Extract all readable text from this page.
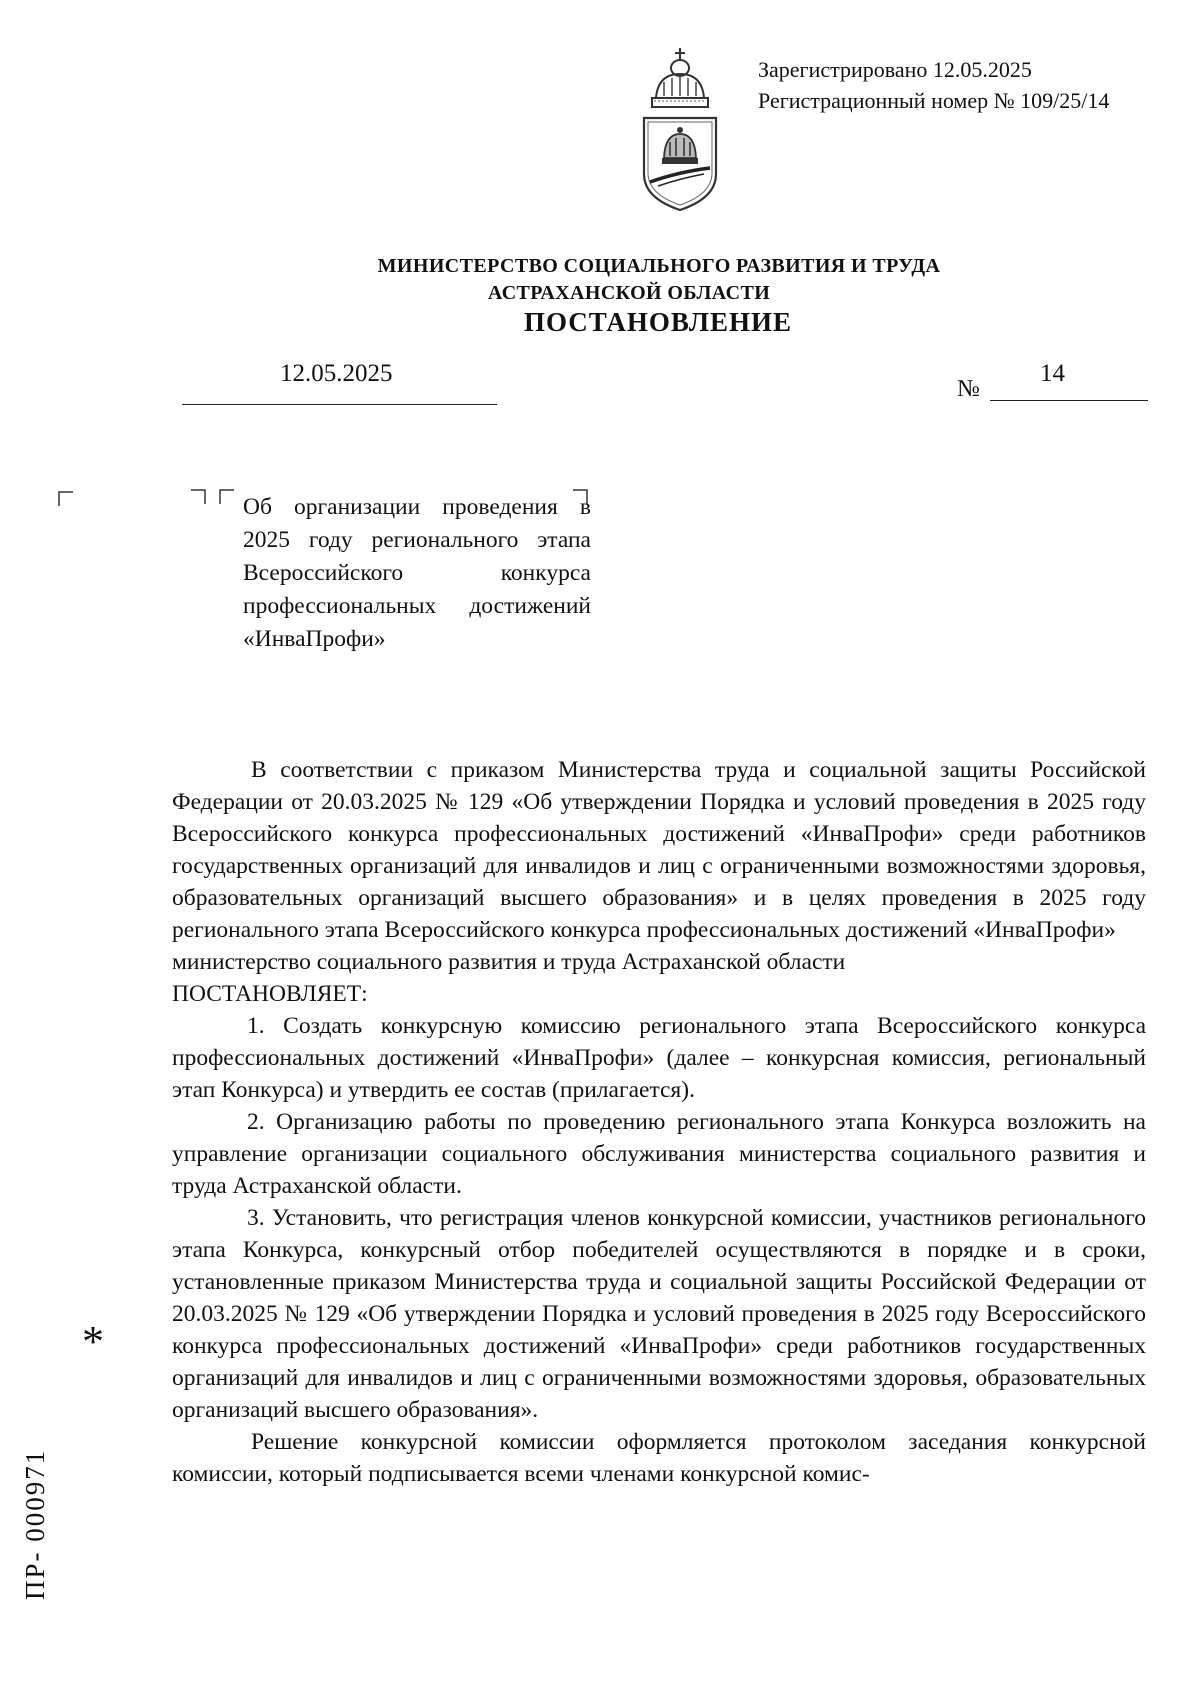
Зарегистрировано 12.05.2025
Регистрационный номер № 109/25/14
МИНИСТЕРСТВО СОЦИАЛЬНОГО РАЗВИТИЯ И ТРУДА
АСТРАХАНСКОЙ ОБЛАСТИ
ПОСТАНОВЛЕНИЕ
12.05.2025
№
14
Об организации проведения в 2025 году регионального этапа Всероссийского конкурса профессиональных достижений «ИнваПрофи»

В соответствии с приказом Министерства труда и социальной защиты Российской Федерации от 20.03.2025 № 129 «Об утверждении Порядка и условий проведения в 2025 году Всероссийского конкурса профессиональных достижений «ИнваПрофи» среди работников государственных организаций для инвалидов и лиц с ограниченными возможностями здоровья, образовательных организаций высшего образования» и в целях проведения в 2025 году регионального этапа Всероссийского конкурса профессиональных достижений «ИнваПрофи»

министерство социального развития и труда Астраханской области

ПОСТАНОВЛЯЕТ:

1. Создать конкурсную комиссию регионального этапа Всероссийского конкурса профессиональных достижений «ИнваПрофи» (далее – конкурсная комиссия, региональный этап Конкурса) и утвердить ее состав (прилагается).

2. Организацию работы по проведению регионального этапа Конкурса возложить на управление организации социального обслуживания министерства социального развития и труда Астраханской области.

3. Установить, что регистрация членов конкурсной комиссии, участников регионального этапа Конкурса, конкурсный отбор победителей осуществляются в порядке и в сроки, установленные приказом Министерства труда и социальной защиты Российской Федерации от 20.03.2025 № 129 «Об утверждении Порядка и условий проведения в 2025 году Всероссийского конкурса профессиональных достижений «ИнваПрофи» среди работников государственных организаций для инвалидов и лиц с ограниченными возможностями здоровья, образовательных организаций высшего образования».

Решение конкурсной комиссии оформляется протоколом заседания конкурсной комиссии, который подписывается всеми членами конкурсной комис-

*
ПР- 000971
